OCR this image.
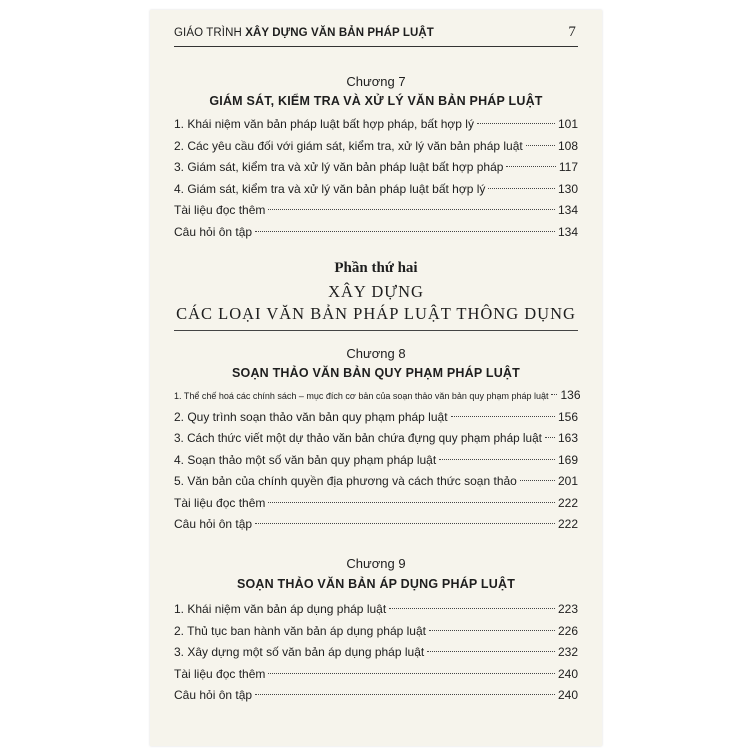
GIÁO TRÌNH XÂY DỰNG VĂN BẢN PHÁP LUẬT	7
Chương 7
GIÁM SÁT, KIỂM TRA VÀ XỬ LÝ VĂN BẢN PHÁP LUẬT
1. Khái niệm văn bản pháp luật bất hợp pháp, bất hợp lý	101
2. Các yêu cầu đối với giám sát, kiểm tra, xử lý văn bản pháp luật	108
3. Giám sát, kiểm tra và xử lý văn bản pháp luật bất hợp pháp	117
4. Giám sát, kiểm tra và xử lý văn bản pháp luật bất hợp lý	130
Tài liệu đọc thêm	134
Câu hỏi ôn tập	134
Phần thứ hai
XÂY DỰNG
CÁC LOẠI VĂN BẢN PHÁP LUẬT THÔNG DỤNG
Chương 8
SOẠN THẢO VĂN BẢN QUY PHẠM PHÁP LUẬT
1. Thể chế hoá các chính sách – mục đích cơ bản của soạn thảo văn bản quy phạm pháp luật 136
2. Quy trình soạn thảo văn bản quy phạm pháp luật	156
3. Cách thức viết một dự thảo văn bản chứa đựng quy phạm pháp luật 163
4. Soạn thảo một số văn bản quy phạm pháp luật	169
5. Văn bản của chính quyền địa phương và cách thức soạn thảo	201
Tài liệu đọc thêm	222
Câu hỏi ôn tập	222
Chương 9
SOẠN THẢO VĂN BẢN ÁP DỤNG PHÁP LUẬT
1. Khái niệm văn bản áp dụng pháp luật	223
2. Thủ tục ban hành văn bản áp dụng pháp luật	226
3. Xây dựng một số văn bản áp dụng pháp luật	232
Tài liệu đọc thêm	240
Câu hỏi ôn tập	240
